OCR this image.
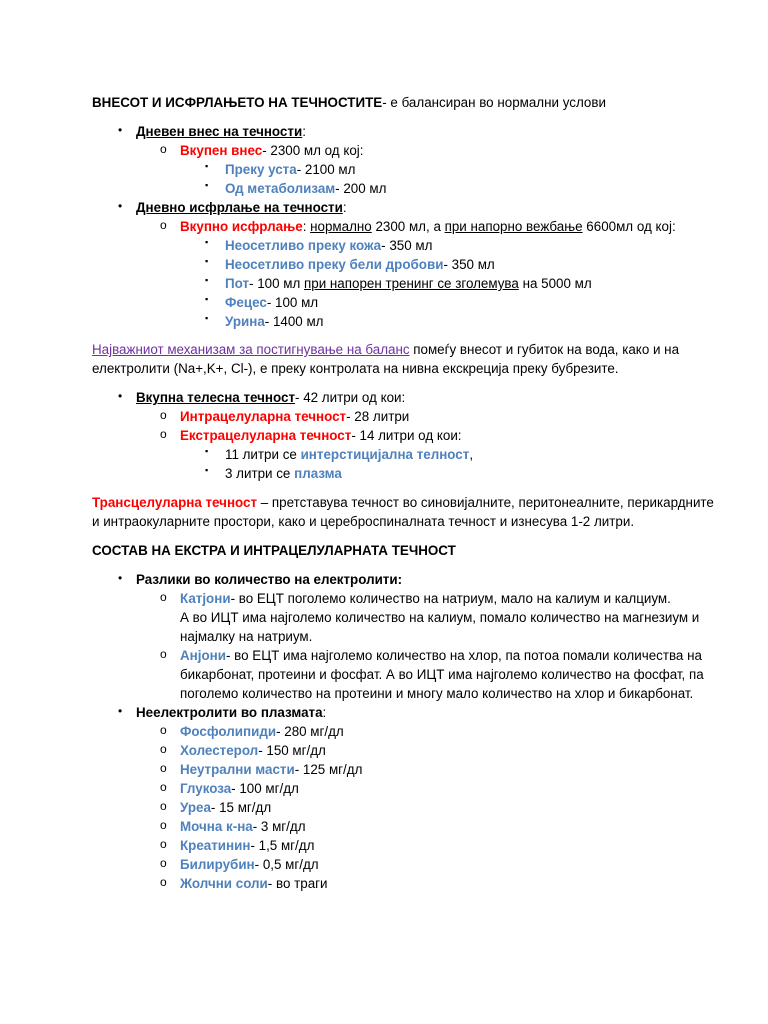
ВНЕСОТ И ИСФРЛАЊЕТО НА ТЕЧНОСТИТЕ- е балансиран во нормални услови
• Дневен внес на течности:
o Вкупен внес- 2300 мл од кој:
▪ Преку уста- 2100 мл
▪ Од метаболизам- 200 мл
• Дневно исфрлање на течности:
o Вкупно исфрлање: нормално 2300 мл, а при напорно вежбање 6600мл од кој:
▪ Неосетливо преку кожа- 350 мл
▪ Неосетливо преку бели дробови- 350 мл
▪ Пот- 100 мл при напорен тренинг се зголемува на 5000 мл
▪ Фецес- 100 мл
▪ Урина- 1400 мл
Најважниот механизам за постигнување на баланс помеѓу внесот и губиток на вода, како и на
електролити (Na+,K+, Cl-), е преку контролата на нивна екскреција преку бубрезите.
• Вкупна телесна течност- 42 литри од кои:
o Интрацелуларна течност- 28 литри
o Екстрацелуларна течност- 14 литри од кои:
▪ 11 литри се интерстицијална телност,
▪ 3 литри се плазма
Трансцелуларна течност – претставува течност во синовијалните, перитонеалните, перикардните
и интраокуларните простори, како и цереброспиналната течност и изнесува 1-2 литри.
СОСТАВ НА ЕКСТРА И ИНТРАЦЕЛУЛАРНАТА ТЕЧНОСТ
• Разлики во количество на електролити:
o Катјони- во ЕЦТ поголемо количество на натриум, мало на калиум и калциум.
А во ИЦТ има најголемо количество на калиум, помало количество на магнезиум и
најмалку на натриум.
o Анјони- во ЕЦТ има најголемо количество на хлор, па потоа помали количества на
бикарбонат, протеини и фосфат. А во ИЦТ има најголемо количество на фосфат, па
поголемо количество на протеини и многу мало количество на хлор и бикарбонат.
• Неелектролити во плазмата:
o Фосфолипиди- 280 мг/дл
o Холестерол- 150 мг/дл
o Неутрални масти- 125 мг/дл
o Глукоза- 100 мг/дл
o Уреа- 15 мг/дл
o Мочна к-на- 3 мг/дл
o Креатинин- 1,5 мг/дл
o Билирубин- 0,5 мг/дл
o Жолчни соли- во траги
